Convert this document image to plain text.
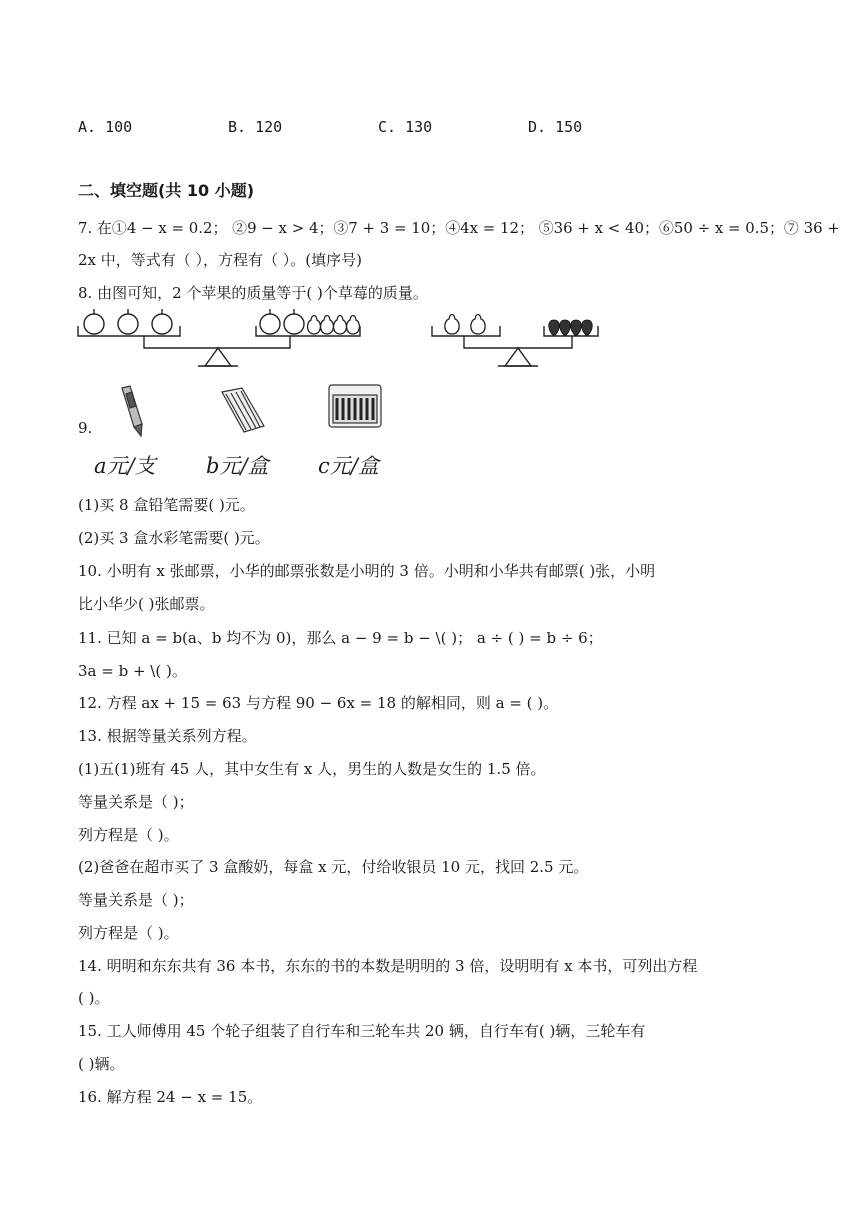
A. 100	B. 120	C. 130	D. 150
二、填空题(共 10 小题)
7. 在①4 − x = 0.2； ②9 − x > 4；③7 + 3 = 10；④4x = 12； ⑤36 + x < 40；⑥50 ÷ x = 0.5；⑦ 36 +
2x 中，等式有（ ），方程有（ ）。(填序号)
8. 由图可知，2 个苹果的质量等于( )个草莓的质量。
9.
a元/支 b元/盒 c元/盒
(1)买 8 盒铅笔需要( )元。
(2)买 3 盒水彩笔需要( )元。
10. 小明有 x 张邮票，小华的邮票张数是小明的 3 倍。小明和小华共有邮票( )张，小明
比小华少( )张邮票。
11. 已知 a = b(a、b 均不为 0)，那么 a − 9 = b − \( )； a ÷ ( ) = b ÷ 6；
3a = b + \( )。
12. 方程 ax + 15 = 63 与方程 90 − 6x = 18 的解相同，则 a = ( )。
13. 根据等量关系列方程。
(1)五(1)班有 45 人，其中女生有 x 人，男生的人数是女生的 1.5 倍。
等量关系是（ )；
列方程是（ )。
(2)爸爸在超市买了 3 盒酸奶，每盒 x 元，付给收银员 10 元，找回 2.5 元。
等量关系是（ )；
列方程是（ )。
14. 明明和东东共有 36 本书，东东的书的本数是明明的 3 倍，设明明有 x 本书，可列出方程
( )。
15. 工人师傅用 45 个轮子组装了自行车和三轮车共 20 辆，自行车有( )辆，三轮车有
( )辆。
16. 解方程 24 − x = 15。
